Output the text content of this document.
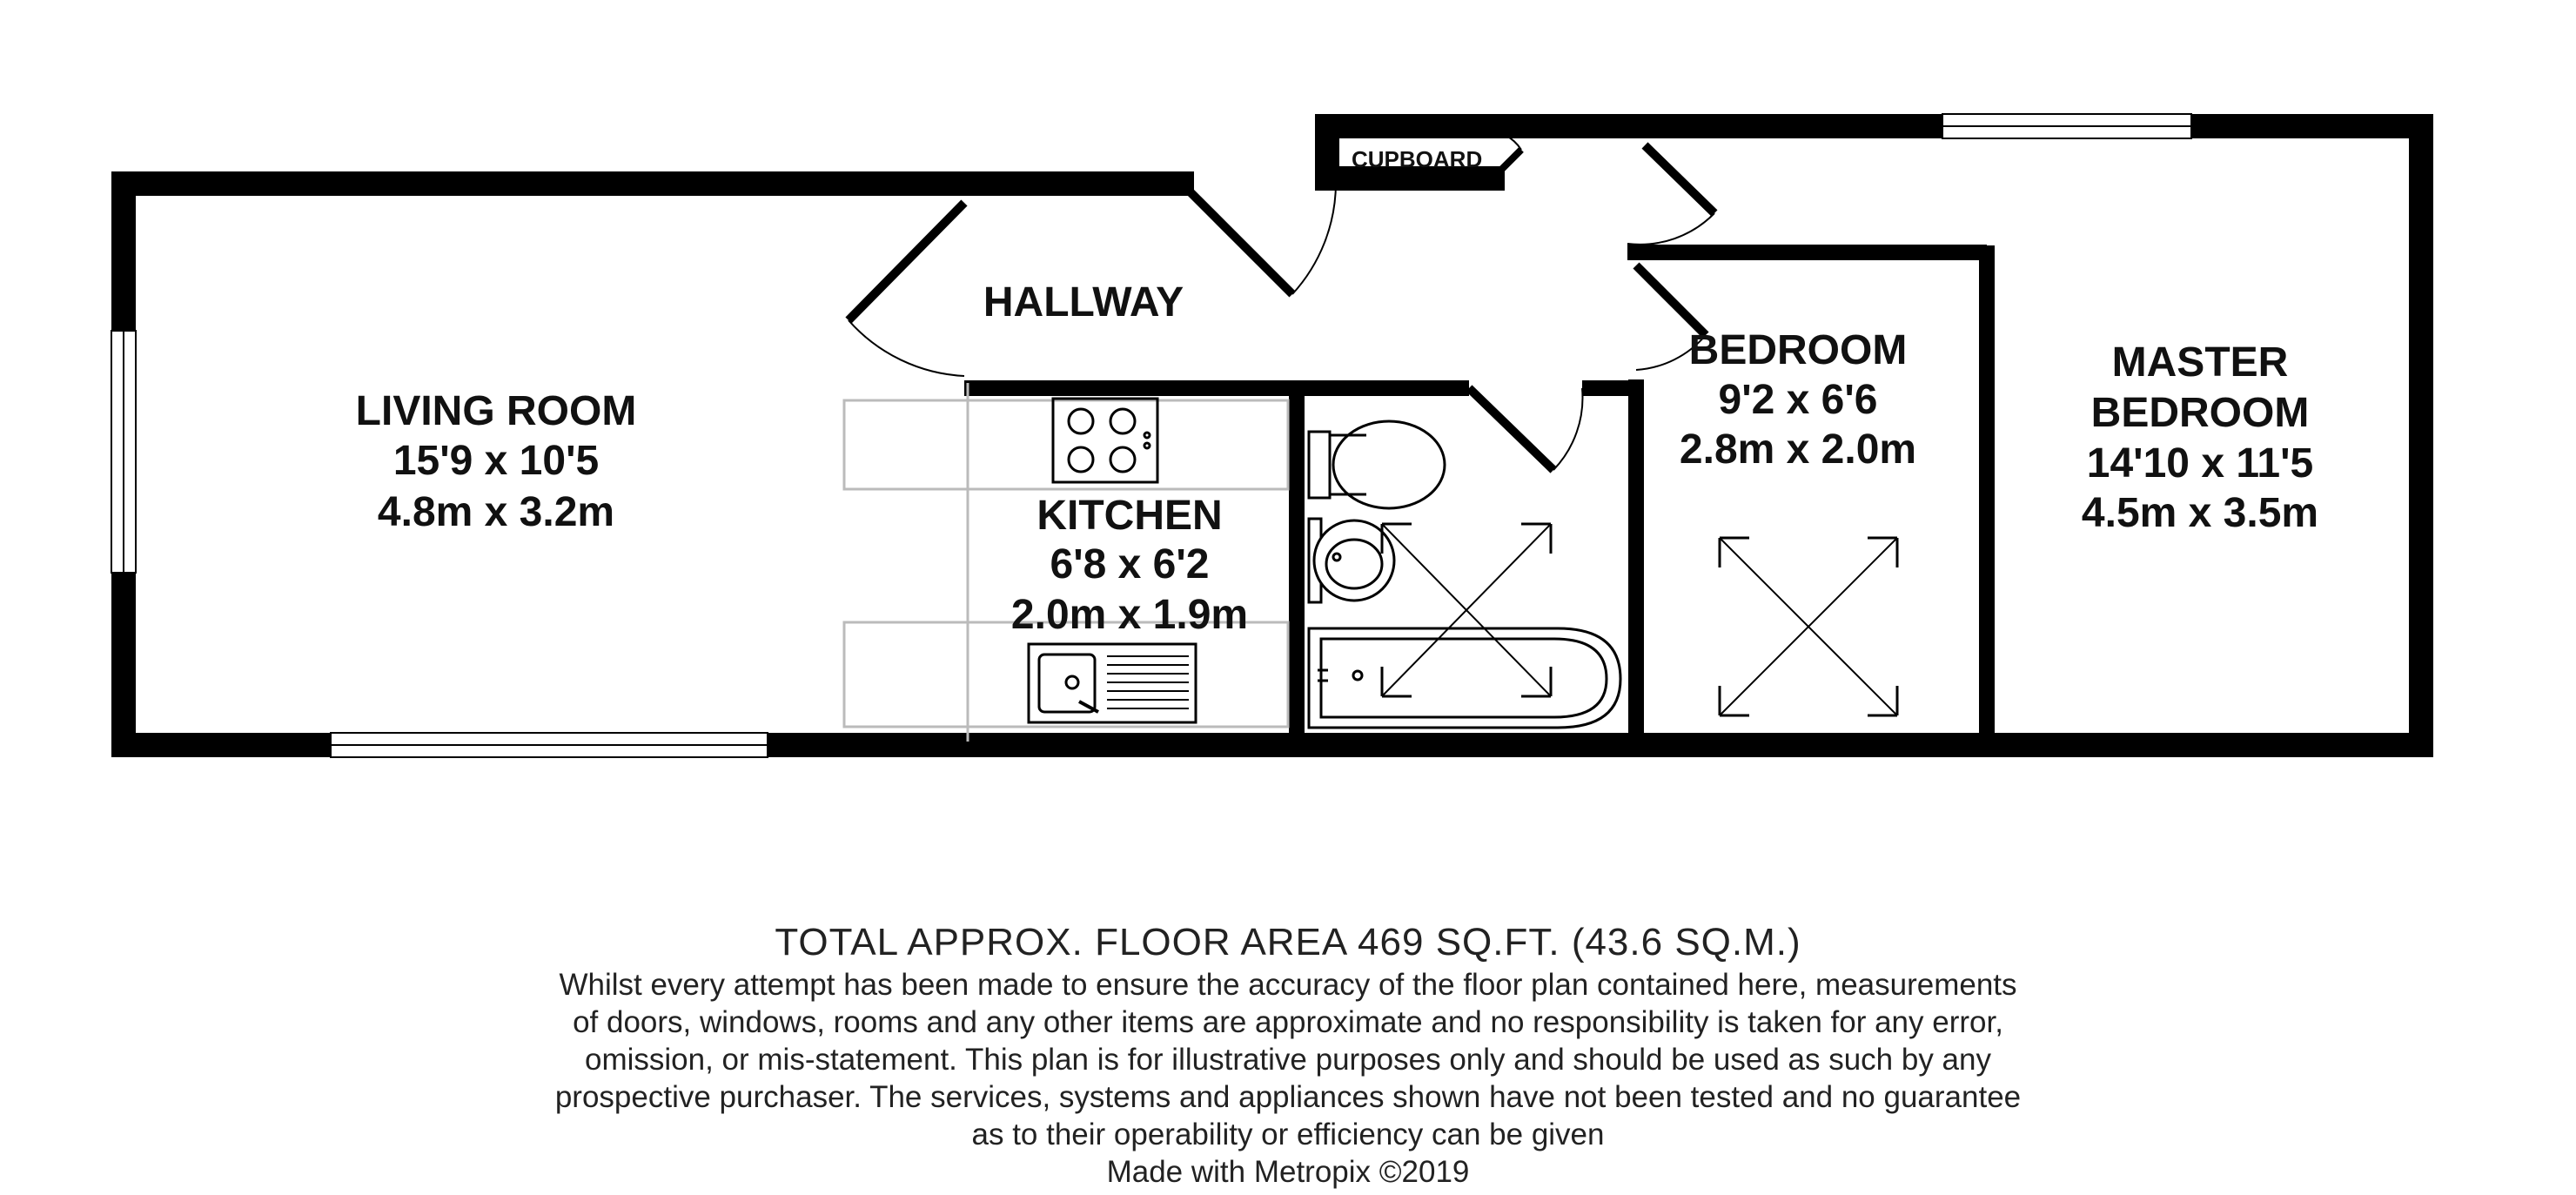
LIVING ROOM
15'9 x 10'5
4.8m x 3.2m
HALLWAY
KITCHEN
6'8 x 6'2
2.0m x 1.9m
BEDROOM
9'2 x 6'6
2.8m x 2.0m
MASTER
BEDROOM
14'10 x 11'5
4.5m x 3.5m
CUPBOARD
TOTAL APPROX. FLOOR AREA 469 SQ.FT. (43.6 SQ.M.)
Whilst every attempt has been made to ensure the accuracy of the floor plan contained here, measurements
of doors, windows, rooms and any other items are approximate and no responsibility is taken for any error,
omission, or mis-statement. This plan is for illustrative purposes only and should be used as such by any
prospective purchaser. The services, systems and appliances shown have not been tested and no guarantee
as to their operability or efficiency can be given
Made with Metropix ©2019
